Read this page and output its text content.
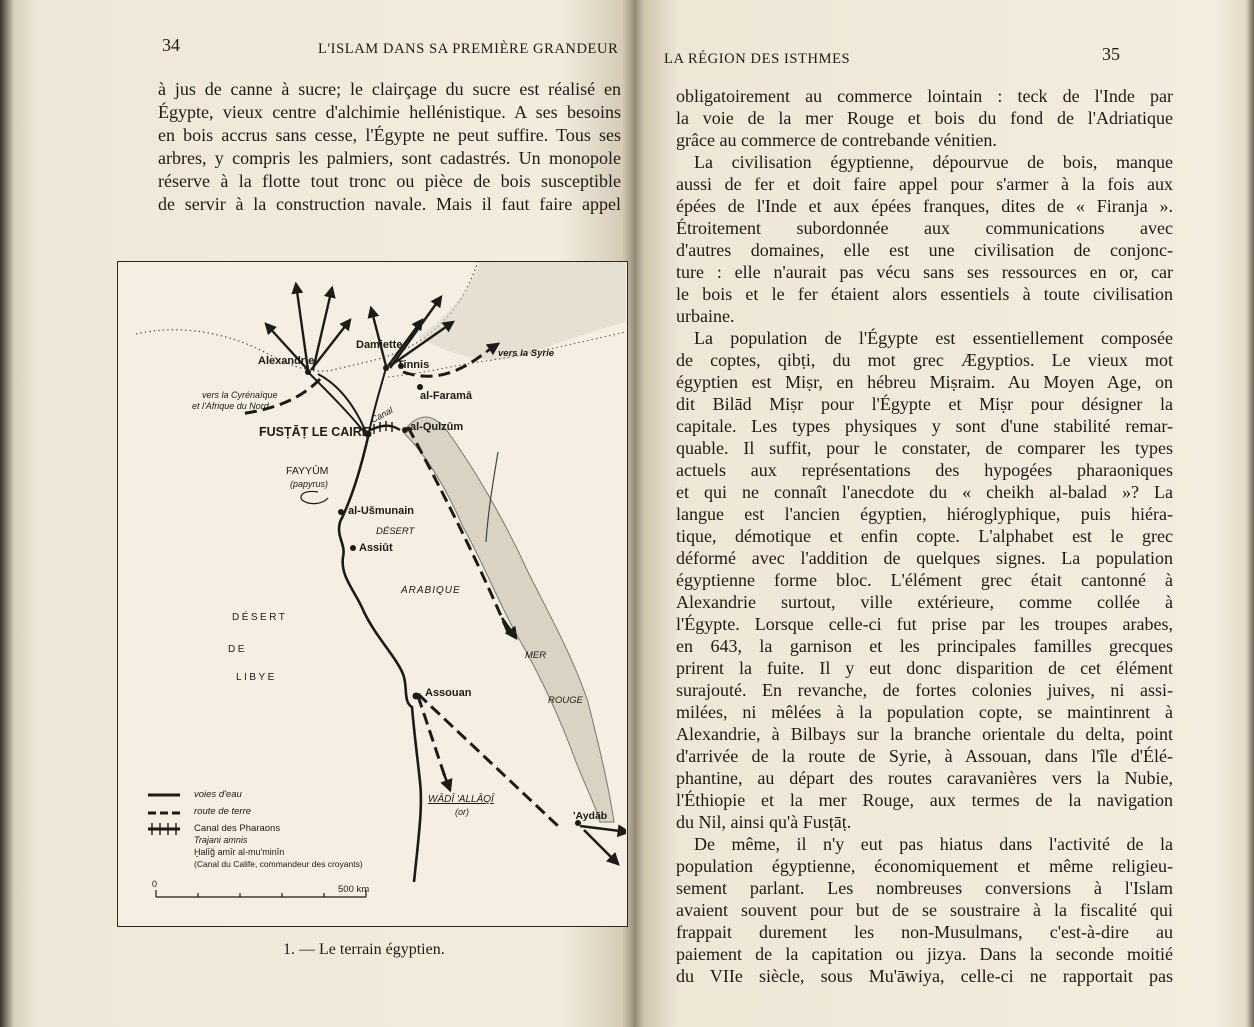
34	L'ISLAM DANS SA PREMIÈRE GRANDEUR
à jus de canne à sucre; le clairçage du sucre est réalisé en
Égypte, vieux centre d'alchimie hellénistique. A ses besoins
en bois accrus sans cesse, l'Égypte ne peut suffire. Tous ses
arbres, y compris les palmiers, sont cadastrés. Un monopole
réserve à la flotte tout tronc ou pièce de bois susceptible
de servir à la construction navale. Mais il faut faire appel
Alexandrie
Damiette
Tinnis
vers la Syrie
al-Faramā
vers la Cyrénaïque
et l'Afrique du Nord
FUSṬĀṬ LE CAIRE
Canal
al-Qulzūm
FAYYŪM
(papyrus)
al-Ušmunain
DÉSERT
Assiūt
ARABIQUE
DÉSERT
DE
LIBYE
MER
ROUGE
Assouan
WĀDĪ 'ALLĀQĪ
(or)	'Aydāb
voies d'eau
route de terre
Canal des Pharaons
Trajani amnis
Ḫalīğ amīr al-mu'minīn
(Canal du Calife, commandeur des croyants)
0	500 km
1. — Le terrain égyptien.
LA RÉGION DES ISTHMES	35
obligatoirement au commerce lointain : teck de l'Inde par
la voie de la mer Rouge et bois du fond de l'Adriatique
grâce au commerce de contrebande vénitien.
La civilisation égyptienne, dépourvue de bois, manque
aussi de fer et doit faire appel pour s'armer à la fois aux
épées de l'Inde et aux épées franques, dites de « Firanja ».
Étroitement subordonnée aux communications avec
d'autres domaines, elle est une civilisation de conjonc-
ture : elle n'aurait pas vécu sans ses ressources en or, car
le bois et le fer étaient alors essentiels à toute civilisation
urbaine.
La population de l'Égypte est essentiellement composée
de coptes, qibṭi, du mot grec Ægyptios. Le vieux mot
égyptien est Miṣr, en hébreu Miṣraim. Au Moyen Age, on
dit Bilād Miṣr pour l'Égypte et Miṣr pour désigner la
capitale. Les types physiques y sont d'une stabilité remar-
quable. Il suffit, pour le constater, de comparer les types
actuels aux représentations des hypogées pharaoniques
et qui ne connaît l'anecdote du « cheikh al-balad »? La
langue est l'ancien égyptien, hiéroglyphique, puis hiéra-
tique, démotique et enfin copte. L'alphabet est le grec
déformé avec l'addition de quelques signes. La population
égyptienne forme bloc. L'élément grec était cantonné à
Alexandrie surtout, ville extérieure, comme collée à
l'Égypte. Lorsque celle-ci fut prise par les troupes arabes,
en 643, la garnison et les principales familles grecques
prirent la fuite. Il y eut donc disparition de cet élément
surajouté. En revanche, de fortes colonies juives, ni assi-
milées, ni mêlées à la population copte, se maintinrent à
Alexandrie, à Bilbays sur la branche orientale du delta, point
d'arrivée de la route de Syrie, à Assouan, dans l'île d'Élé-
phantine, au départ des routes caravanières vers la Nubie,
l'Éthiopie et la mer Rouge, aux termes de la navigation
du Nil, ainsi qu'à Fusṭāṭ.
De même, il n'y eut pas hiatus dans l'activité de la
population égyptienne, économiquement et même religieu-
sement parlant. Les nombreuses conversions à l'Islam
avaient souvent pour but de se soustraire à la fiscalité qui
frappait durement les non-Musulmans, c'est-à-dire au
paiement de la capitation ou jizya. Dans la seconde moitié
du VIIe siècle, sous Mu'āwiya, celle-ci ne rapportait pas
